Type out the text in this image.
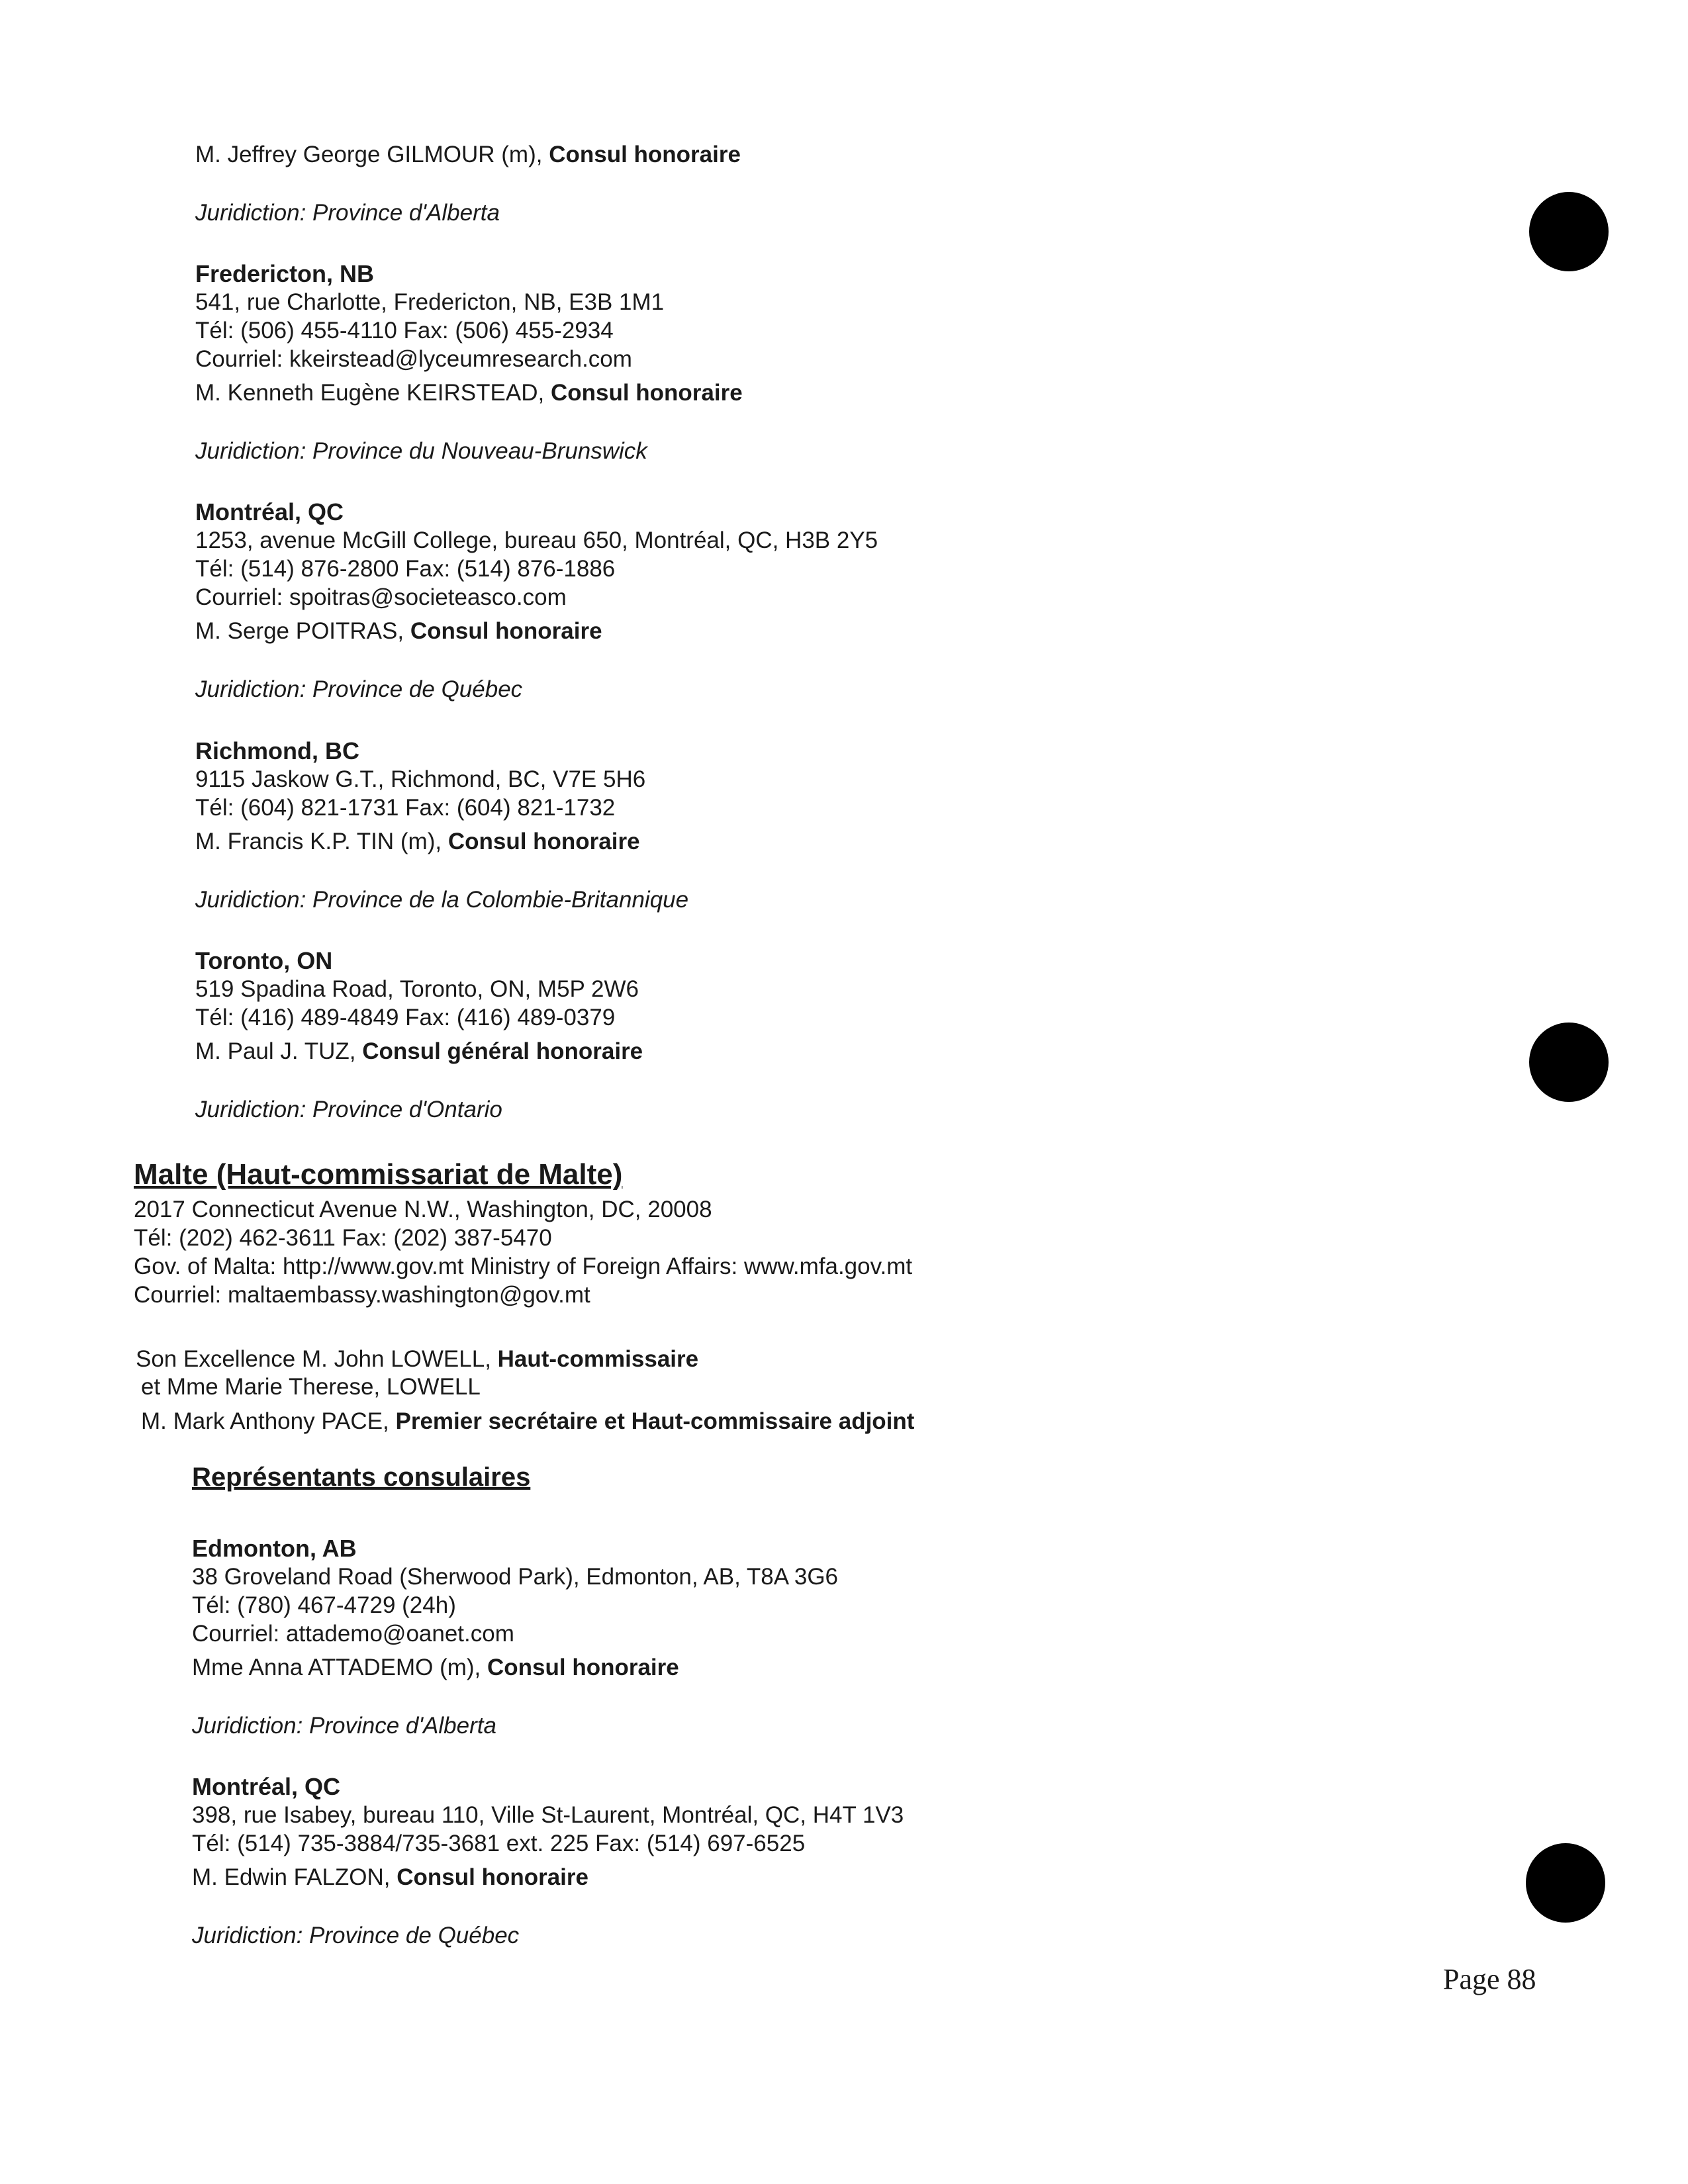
M. Jeffrey George GILMOUR (m), Consul honoraire
Juridiction: Province d'Alberta
Fredericton, NB
541, rue Charlotte, Fredericton, NB, E3B 1M1
Tél: (506) 455-4110 Fax: (506) 455-2934
Courriel: kkeirstead@lyceumresearch.com
M. Kenneth Eugène KEIRSTEAD, Consul honoraire
Juridiction: Province du Nouveau-Brunswick
Montréal, QC
1253, avenue McGill College, bureau 650, Montréal, QC, H3B 2Y5
Tél: (514) 876-2800 Fax: (514) 876-1886
Courriel: spoitras@societeasco.com
M. Serge POITRAS, Consul honoraire
Juridiction: Province de Québec
Richmond, BC
9115 Jaskow G.T., Richmond, BC, V7E 5H6
Tél: (604) 821-1731 Fax: (604) 821-1732
M. Francis K.P. TIN (m), Consul honoraire
Juridiction: Province de la Colombie-Britannique
Toronto, ON
519 Spadina Road, Toronto, ON, M5P 2W6
Tél: (416) 489-4849 Fax: (416) 489-0379
M. Paul J. TUZ, Consul général honoraire
Juridiction: Province d'Ontario
Malte (Haut-commissariat de Malte)
2017 Connecticut Avenue N.W., Washington, DC, 20008
Tél: (202) 462-3611 Fax: (202) 387-5470
Gov. of Malta: http://www.gov.mt Ministry of Foreign Affairs: www.mfa.gov.mt
Courriel: maltaembassy.washington@gov.mt
Son Excellence M. John LOWELL, Haut-commissaire
et Mme Marie Therese, LOWELL
M. Mark Anthony PACE, Premier secrétaire et Haut-commissaire adjoint
Représentants consulaires
Edmonton, AB
38 Groveland Road (Sherwood Park), Edmonton, AB, T8A 3G6
Tél: (780) 467-4729 (24h)
Courriel: attademo@oanet.com
Mme Anna ATTADEMO (m), Consul honoraire
Juridiction: Province d'Alberta
Montréal, QC
398, rue Isabey, bureau 110, Ville St-Laurent, Montréal, QC, H4T 1V3
Tél: (514) 735-3884/735-3681 ext. 225 Fax: (514) 697-6525
M. Edwin FALZON, Consul honoraire
Juridiction: Province de Québec
Page 88
